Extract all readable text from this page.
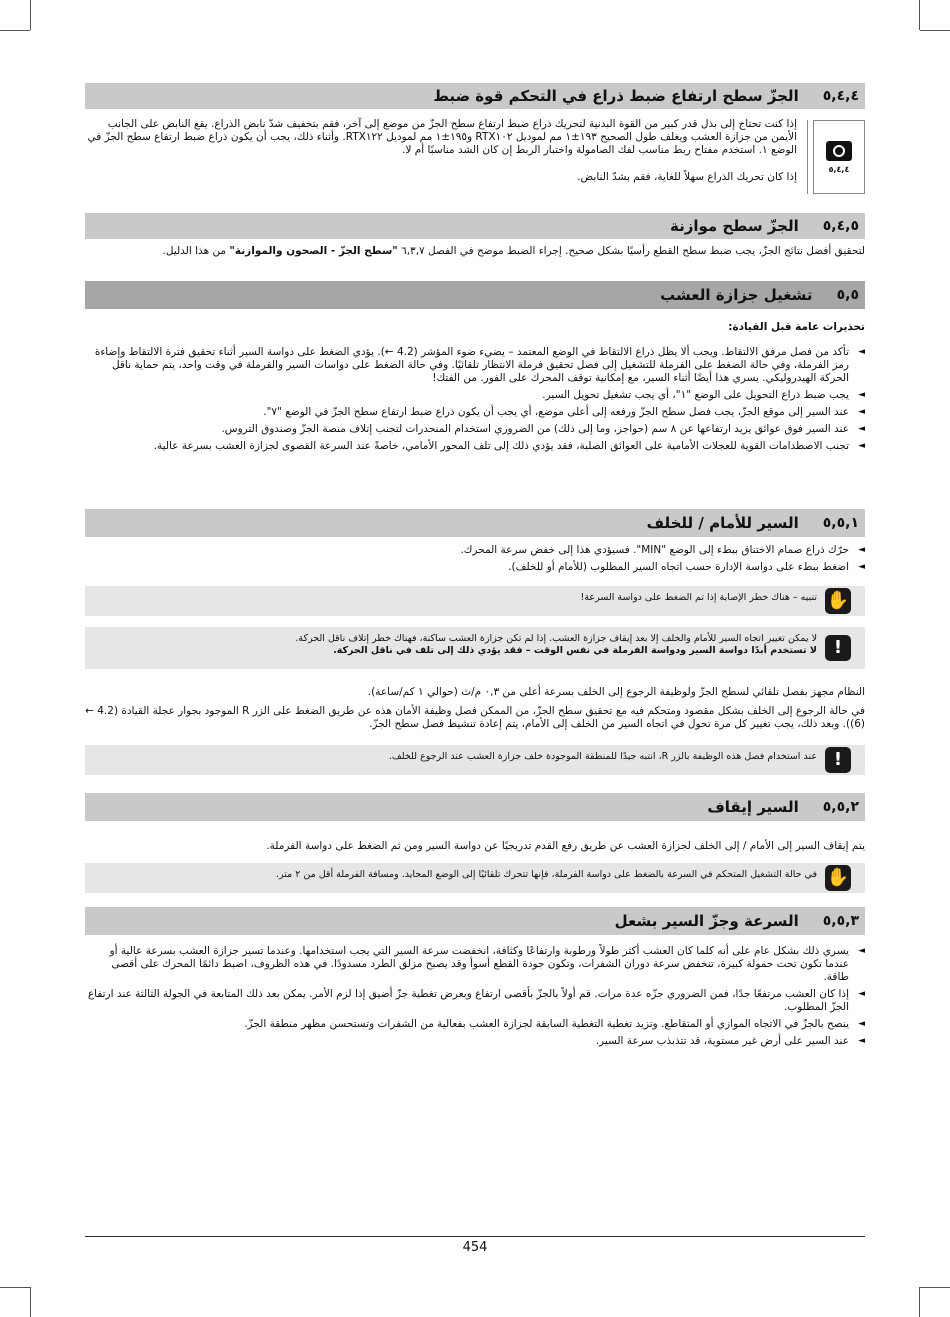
٥,٤,٤
الجزّ سطح ارتفاع ضبط ذراع في التحكم قوة ضبط
٥,٤,٤

إذا كنت تحتاج إلى بذل قدر كبير من القوة البدنية لتحريك ذراع ضبط ارتفاع سطح الجزّ من موضع إلى آخر، فقم بتخفيف شدّ نابض الذراع. يقع النابض على الجانب الأيمن من جزازة العشب ويغلف طول الصحيح ١٩٣±١ مم لموديل RTX١٠٢ و١٩٥±١ مم لموديل RTX١٢٢. وأثناء ذلك، يجب أن يكون ذراع ضبط ارتفاع سطح الجزّ في الوضع ١. استخدم مفتاح ربط مناسب لفك الصامولة واختبار الربط إن كان الشد مناسبًا أم لا.

إذا كان تحريك الذراع سهلاً للغاية، فقم بشدّ النابض.

٥,٤,٥
الجزّ سطح موازنة

لتحقيق أفضل نتائج الجزّ، يجب ضبط سطح القطع رأسيًا بشكل صحيح. إجراء الضبط موضح في الفصل ٦,٣,٧ "سطح الجزّ - الصحون والموازنة" من هذا الدليل.

٥,٥
تشغيل جزازة العشب

تحذيرات عامة قبل القيادة:

◄ تأكد من فصل مرفق الالتقاط. ويجب ألا يظل ذراع الالتقاط في الوضع المعتمد – يضيء ضوء المؤشر (4.2 ←). يؤدي الضغط على دواسة السير أثناء تحقيق فترة الالتقاط وإضاءة رمز الفرملة، وفي حالة الضغط على الفرملة للتشغيل إلى فصل تحقيق فرملة الانتظار تلقائيًا. وفي حالة الضغط على دواسات السير والفرملة في وقت واحد، يتم حماية ناقل الحركة الهيدروليكي. يسري هذا أيضًا أثناء السير، مع إمكانية توقف المحرك على الفور. من الفتك!
◄ يجب ضبط ذراع التحويل على الوضع "١"، أي يجب تشغيل تحويل السير.
◄ عند السير إلى موقع الجزّ، يجب فصل سطح الجزّ ورفعه إلى أعلى موضع، أي يجب أن يكون ذراع ضبط ارتفاع سطح الجزّ في الوضع "٧".
◄ عند السير فوق عوائق يزيد ارتفاعها عن ٨ سم (حواجز، وما إلى ذلك) من الضروري استخدام المنحدرات لتجنب إتلاف منصة الجزّ وصندوق التروس.
◄ تجنب الاصطدامات القوية للعجلات الأمامية على العوائق الصلبة، فقد يؤدي ذلك إلى تلف المحور الأمامي، خاصةً عند السرعة القصوى لجزازة العشب بسرعة عالية.
٥,٥,١
السير للأمام / للخلف
◄ حرّك ذراع صمام الاختناق ببطء إلى الوضع "MIN". فسيؤدي هذا إلى خفض سرعة المحرك.
◄ اضغط ببطء على دواسة الإدارة حسب اتجاه السير المطلوب (للأمام أو للخلف).
✋

تنبيه – هناك خطر الإصابة إذا تم الضغط على دواسة السرعة!

!

لا يمكن تغيير اتجاه السير للأمام والخلف إلا بعد إيقاف جزازة العشب. إذا لم تكن جزازة العشب ساكنة، فهناك خطر إتلاف ناقل الحركة.

لا تستخدم أبدًا دواسة السير ودواسة الفرملة في نفس الوقت – فقد يؤدي ذلك إلى تلف في ناقل الحركة.

النظام مجهز بفصل تلقائي لسطح الجزّ ولوظيفة الرجوع إلى الخلف بسرعة أعلى من ٠,٣ م/ث (حوالي ١ كم/ساعة).

في حالة الرجوع إلى الخلف بشكل مقصود ومتحكم فيه مع تحقيق سطح الجزّ، من الممكن فصل وظيفة الأمان هذه عن طريق الضغط على الزر R الموجود بجوار عجلة القيادة (4.2 ← (6)). وبعد ذلك، يجب تغيير كل مرة تحول في اتجاه السير من الخلف إلى الأمام، يتم إعادة تنشيط فصل سطح الجزّ.

!

عند استخدام فصل هذه الوظيفة بالزر R، انتبه جيدًا للمنطقة الموجودة خلف جزازة العشب عند الرجوع للخلف.

٥,٥,٢
السير إيقاف

يتم إيقاف السير إلى الأمام / إلى الخلف لجزازة العشب عن طريق رفع القدم تدريجيًا عن دواسة السير ومن ثم الضغط على دواسة الفرملة.

✋

في حالة التشغيل المتحكم في السرعة بالضغط على دواسة الفرملة، فإنها تتحرك تلقائيًا إلى الوضع المحايد. ومسافة الفرملة أقل من ٢ متر.

٥,٥,٣
السرعة وجزّ السير بشعل
◄ يسري ذلك بشكل عام على أنه كلما كان العشب أكثر طولاً ورطوبة وارتفاعًا وكثافة، انخفضت سرعة السير التي يجب استخدامها. وعندما تسير جزازة العشب بسرعة عالية أو عندما تكون تحت حمولة كبيرة، تنخفض سرعة دوران الشفرات، وتكون جودة القطع أسوأ وقد يصبح مزلق الطرد مسدودًا. في هذه الظروف، اضبط دائمًا المحرك على أقصى طاقة.
◄ إذا كان العشب مرتفعًا جدًا، فمن الضروري جزّه عدة مرات. قم أولاً بالجزّ بأقصى ارتفاع وبعرض تغطية جزّ أضيق إذا لزم الأمر. يمكن بعد ذلك المتابعة في الجولة الثالثة عند ارتفاع الجزّ المطلوب.
◄ ينصح بالجزّ في الاتجاه الموازي أو المتقاطع. وتزيد تغطية التغطية السابقة لجزازة العشب بفعالية من الشفرات وتستحسن مظهر منطقة الجزّ.
◄ عند السير على أرض غير مستوية، قد تتذبذب سرعة السير.
454
